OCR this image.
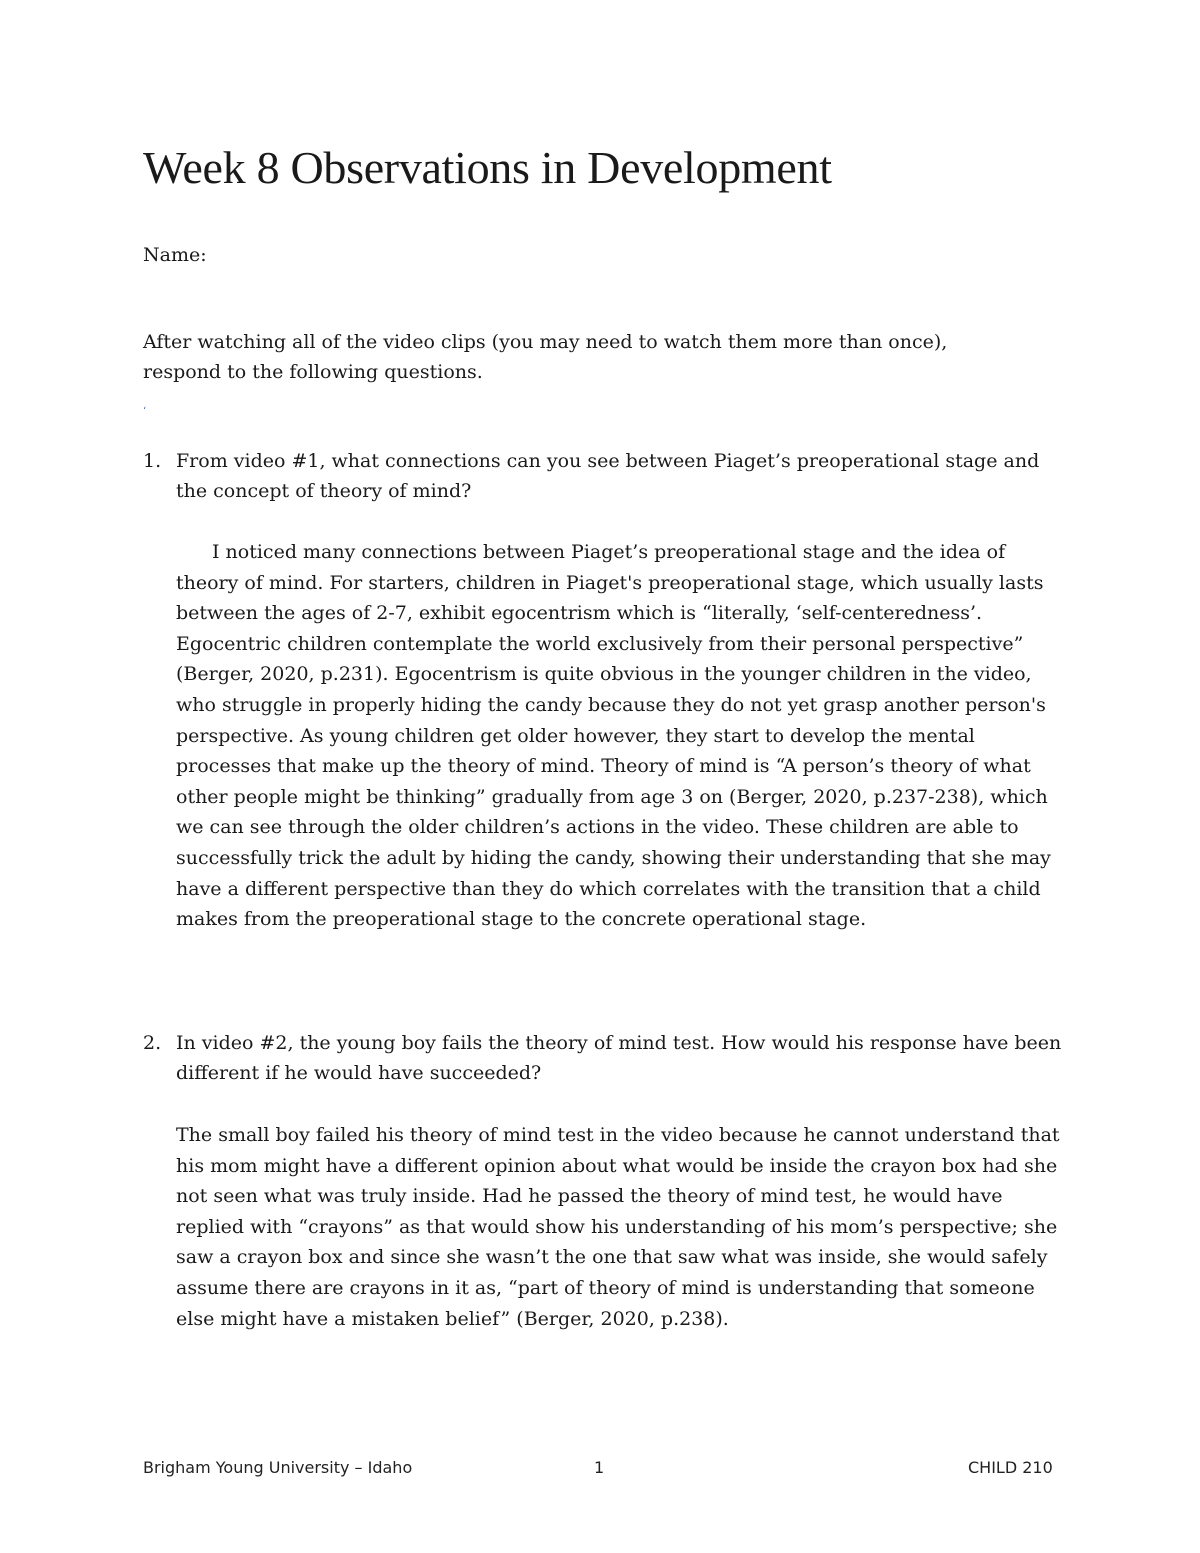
Week 8 Observations in Development
Name:

After watching all of the video clips (you may need to watch them more than once), respond to the following questions.

‘
1. From video #1, what connections can you see between Piaget’s preoperational stage and the concept of theory of mind?

I noticed many connections between Piaget’s preoperational stage and the idea of theory of mind. For starters, children in Piaget's preoperational stage, which usually lasts between the ages of 2-7, exhibit egocentrism which is “literally, ‘self-centeredness’. Egocentric children contemplate the world exclusively from their personal perspective” (Berger, 2020, p.231). Egocentrism is quite obvious in the younger children in the video, who struggle in properly hiding the candy because they do not yet grasp another person's perspective. As young children get older however, they start to develop the mental processes that make up the theory of mind. Theory of mind is “A person’s theory of what other people might be thinking” gradually from age 3 on (Berger, 2020, p.237-238), which we can see through the older children’s actions in the video. These children are able to successfully trick the adult by hiding the candy, showing their understanding that she may have a different perspective than they do which correlates with the transition that a child makes from the preoperational stage to the concrete operational stage.

2. In video #2, the young boy fails the theory of mind test. How would his response have been different if he would have succeeded?

The small boy failed his theory of mind test in the video because he cannot understand that his mom might have a different opinion about what would be inside the crayon box had she not seen what was truly inside. Had he passed the theory of mind test, he would have replied with “crayons” as that would show his understanding of his mom’s perspective; she saw a crayon box and since she wasn’t the one that saw what was inside, she would safely assume there are crayons in it as, “part of theory of mind is understanding that someone else might have a mistaken belief” (Berger, 2020, p.238).

Brigham Young University – Idaho	1	CHILD 210
